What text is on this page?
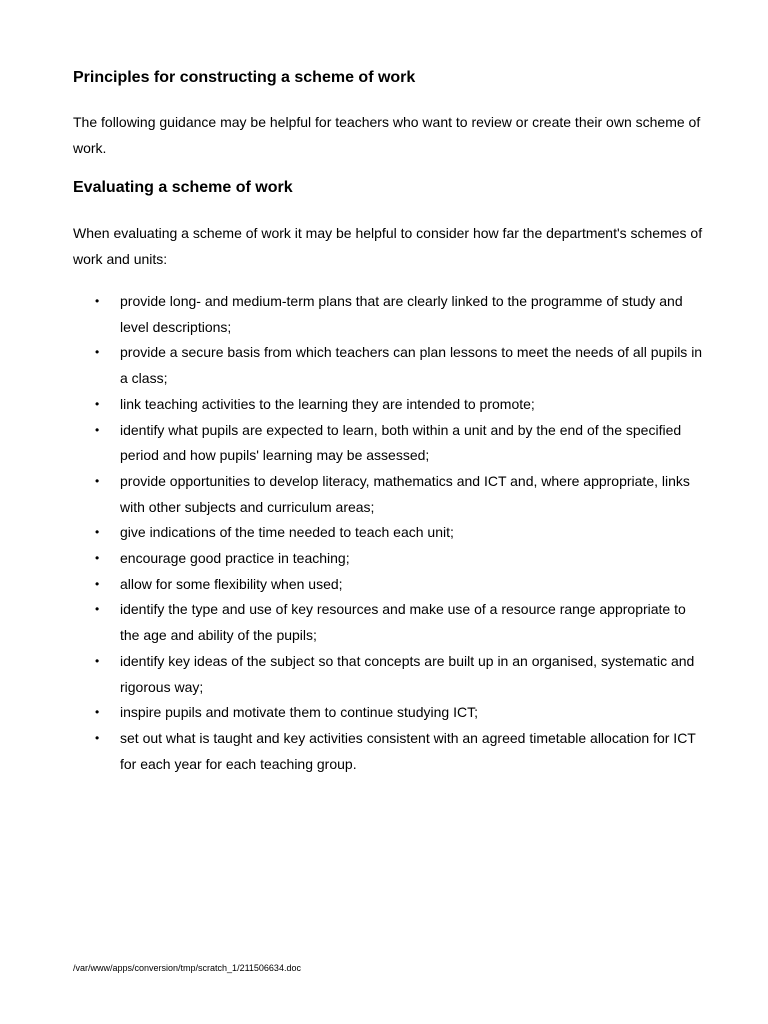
Principles for constructing a scheme of work

The following guidance may be helpful for teachers who want to review or create their own scheme of work.

Evaluating a scheme of work

When evaluating a scheme of work it may be helpful to consider how far the department's schemes of work and units:

• provide long- and medium-term plans that are clearly linked to the programme of study and level descriptions;
• provide a secure basis from which teachers can plan lessons to meet the needs of all pupils in a class;
• link teaching activities to the learning they are intended to promote;
• identify what pupils are expected to learn, both within a unit and by the end of the specified period and how pupils' learning may be assessed;
• provide opportunities to develop literacy, mathematics and ICT and, where appropriate, links with other subjects and curriculum areas;
• give indications of the time needed to teach each unit;
• encourage good practice in teaching;
• allow for some flexibility when used;
• identify the type and use of key resources and make use of a resource range appropriate to the age and ability of the pupils;
• identify key ideas of the subject so that concepts are built up in an organised, systematic and rigorous way;
• inspire pupils and motivate them to continue studying ICT;
• set out what is taught and key activities consistent with an agreed timetable allocation for ICT for each year for each teaching group.
/var/www/apps/conversion/tmp/scratch_1/211506634.doc
